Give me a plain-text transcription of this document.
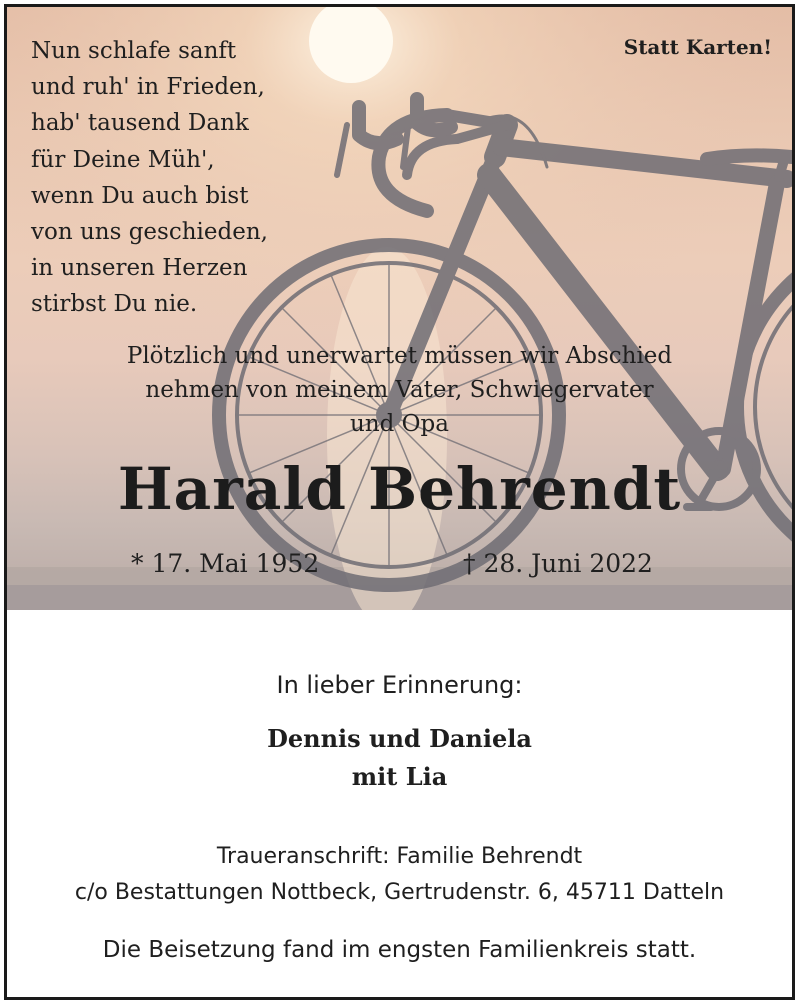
Nun schlafe sanft
und ruh' in Frieden,
hab' tausend Dank
für Deine Müh',
wenn Du auch bist
von uns geschieden,
in unseren Herzen
stirbst Du nie.
Statt Karten!
Plötzlich und unerwartet müssen wir Abschied
nehmen von meinem Vater, Schwiegervater
und Opa
Harald Behrendt
* 17. Mai 1952	† 28. Juni 2022
In lieber Erinnerung:
Dennis und Daniela
mit Lia
Traueranschrift: Familie Behrendt
c/o Bestattungen Nottbeck, Gertrudenstr. 6, 45711 Datteln
Die Beisetzung fand im engsten Familienkreis statt.
